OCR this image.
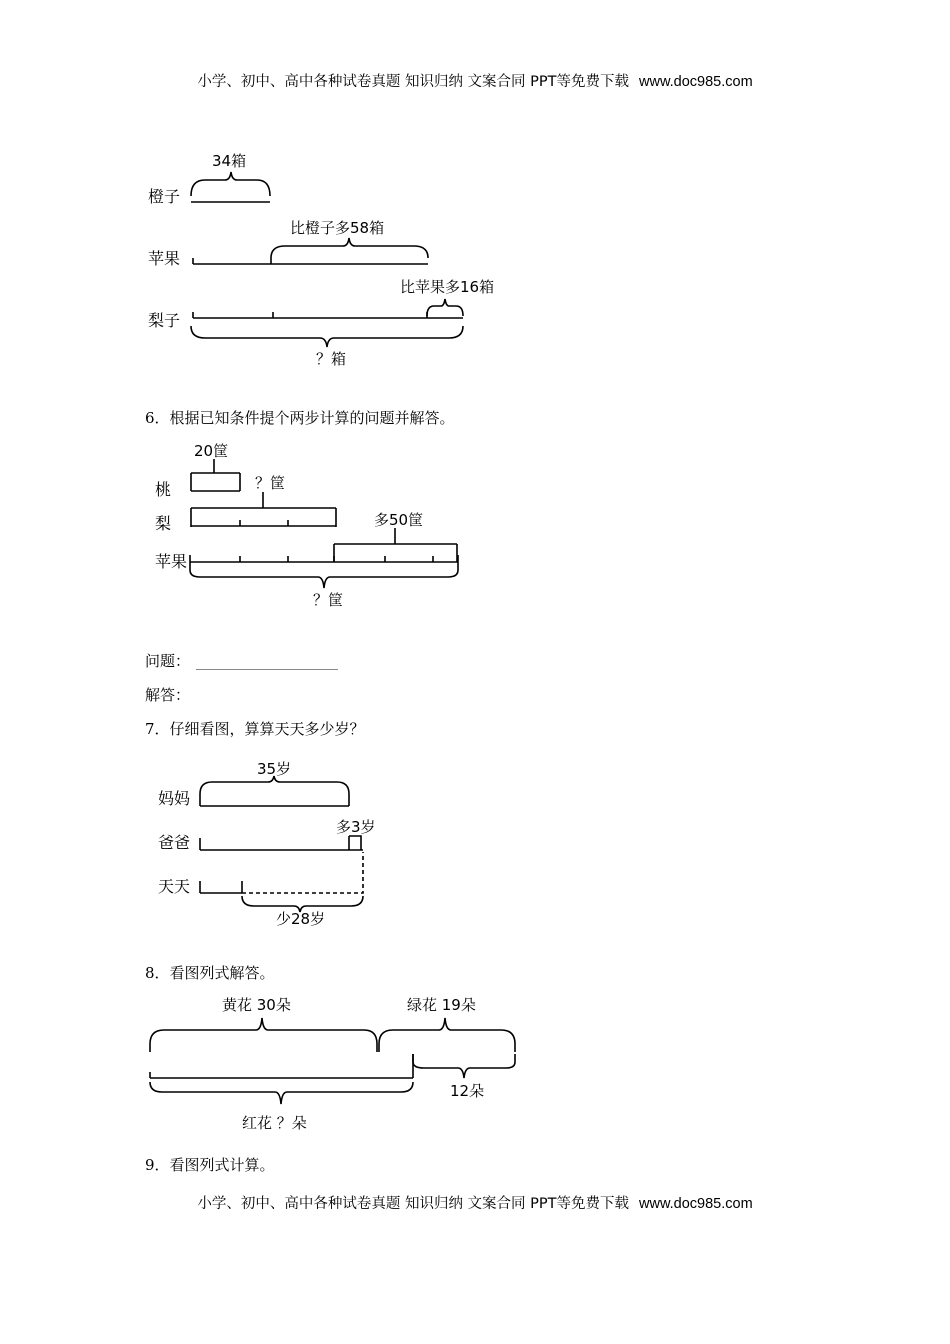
小学、初中、高中各种试卷真题 知识归纳 文案合同 PPT等免费下载 www.doc985.com
橙子
苹果
梨子
34箱
比橙子多58箱
比苹果多16箱
？箱
20筐
桃	？筐
梨	多50筐
苹果
？筐
35岁
妈妈
多3岁
爸爸
天天
少28岁
黄花 30朵	绿花 19朵
12朵
红花 ？朵
6．根据已知条件提个两步计算的问题并解答。
问题：
解答：
7．仔细看图，算算天天多少岁？
8．看图列式解答。
9．看图列式计算。
小学、初中、高中各种试卷真题 知识归纳 文案合同 PPT等免费下载 www.doc985.com
